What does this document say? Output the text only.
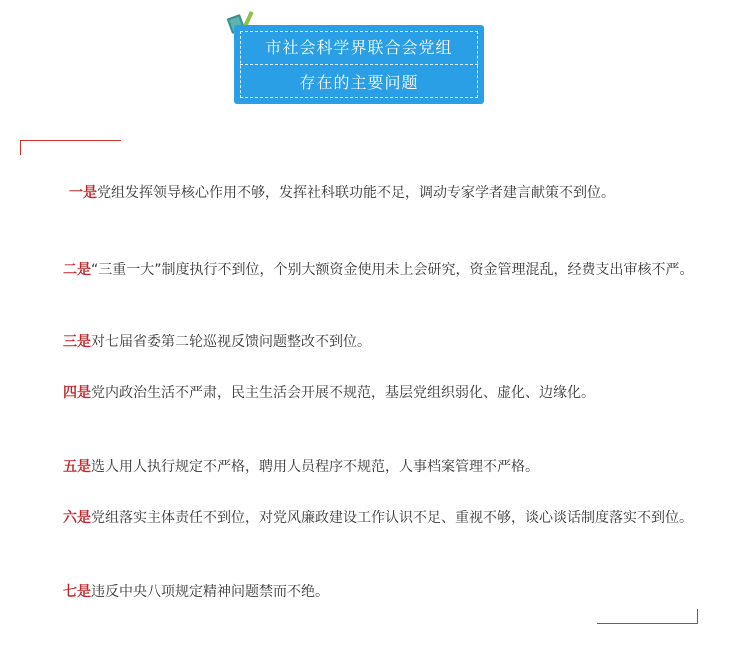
市社会科学界联合会党组
存在的主要问题
一是党组发挥领导核心作用不够，发挥社科联功能不足，调动专家学者建言献策不到位。
二是“三重一大”制度执行不到位，个别大额资金使用未上会研究，资金管理混乱，经费支出审核不严。
三是对七届省委第二轮巡视反馈问题整改不到位。
四是党内政治生活不严肃，民主生活会开展不规范，基层党组织弱化、虚化、边缘化。
五是选人用人执行规定不严格，聘用人员程序不规范，人事档案管理不严格。
六是党组落实主体责任不到位，对党风廉政建设工作认识不足、重视不够，谈心谈话制度落实不到位。
七是违反中央八项规定精神问题禁而不绝。
